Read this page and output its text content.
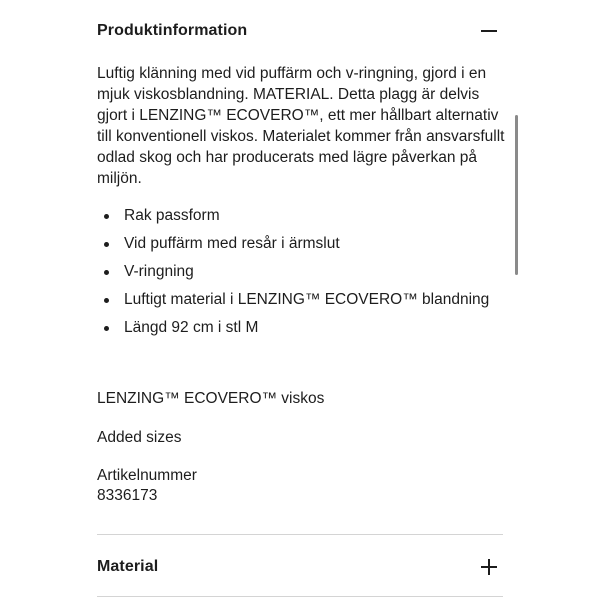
Produktinformation

Luftig klänning med vid puffärm och v-ringning, gjord i en mjuk viskosblandning. MATERIAL. Detta plagg är delvis gjort i LENZING™ ECOVERO™, ett mer hållbart alternativ till konventionell viskos. Materialet kommer från ansvarsfullt odlad skog och har producerats med lägre påverkan på miljön.

Rak passform
Vid puffärm med resår i ärmslut
V-ringning
Luftigt material i LENZING™ ECOVERO™ blandning
Längd 92 cm i stl M

LENZING™ ECOVERO™ viskos

Added sizes

Artikelnummer

8336173

Material
